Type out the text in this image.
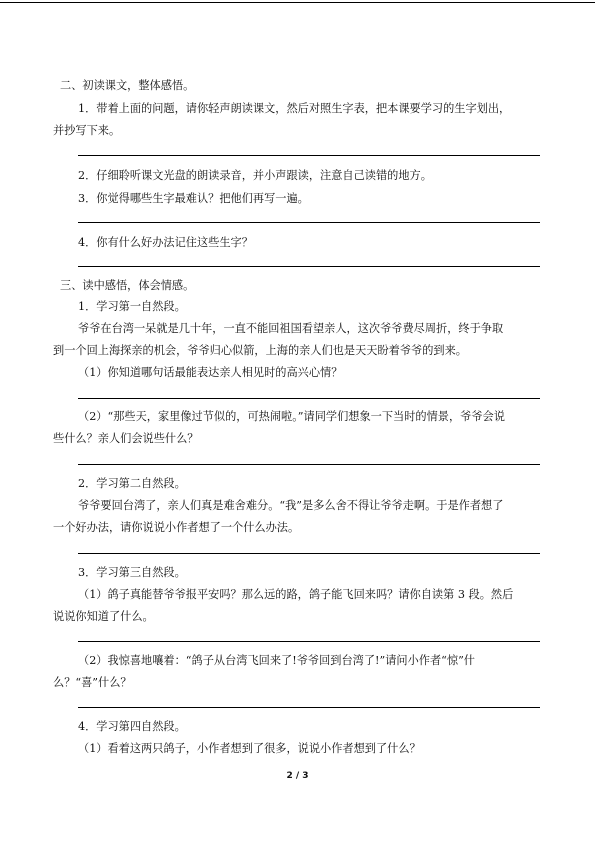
二、初读课文，整体感悟。
1．带着上面的问题，请你轻声朗读课文，然后对照生字表，把本课要学习的生字划出，
并抄写下来。
2．仔细聆听课文光盘的朗读录音，并小声跟读，注意自己读错的地方。
3．你觉得哪些生字最难认？把他们再写一遍。
4．你有什么好办法记住这些生字？
三、读中感悟，体会情感。
1．学习第一自然段。
爷爷在台湾一呆就是几十年，一直不能回祖国看望亲人，这次爷爷费尽周折，终于争取
到一个回上海探亲的机会，爷爷归心似箭，上海的亲人们也是天天盼着爷爷的到来。
（1）你知道哪句话最能表达亲人相见时的高兴心情？
（2）“那些天，家里像过节似的，可热闹啦。”请同学们想象一下当时的情景，爷爷会说
些什么？亲人们会说些什么？
2．学习第二自然段。
爷爷要回台湾了，亲人们真是难舍难分。“我”是多么舍不得让爷爷走啊。于是作者想了
一个好办法，请你说说小作者想了一个什么办法。
3．学习第三自然段。
（1）鸽子真能替爷爷报平安吗？那么远的路，鸽子能飞回来吗？请你自读第 3 段。然后
说说你知道了什么。
（2）我惊喜地嚷着：“鸽子从台湾飞回来了!爷爷回到台湾了!”请问小作者“惊”什
么？“喜”什么？
4．学习第四自然段。
（1）看着这两只鸽子，小作者想到了很多，说说小作者想到了什么？
2 / 3
